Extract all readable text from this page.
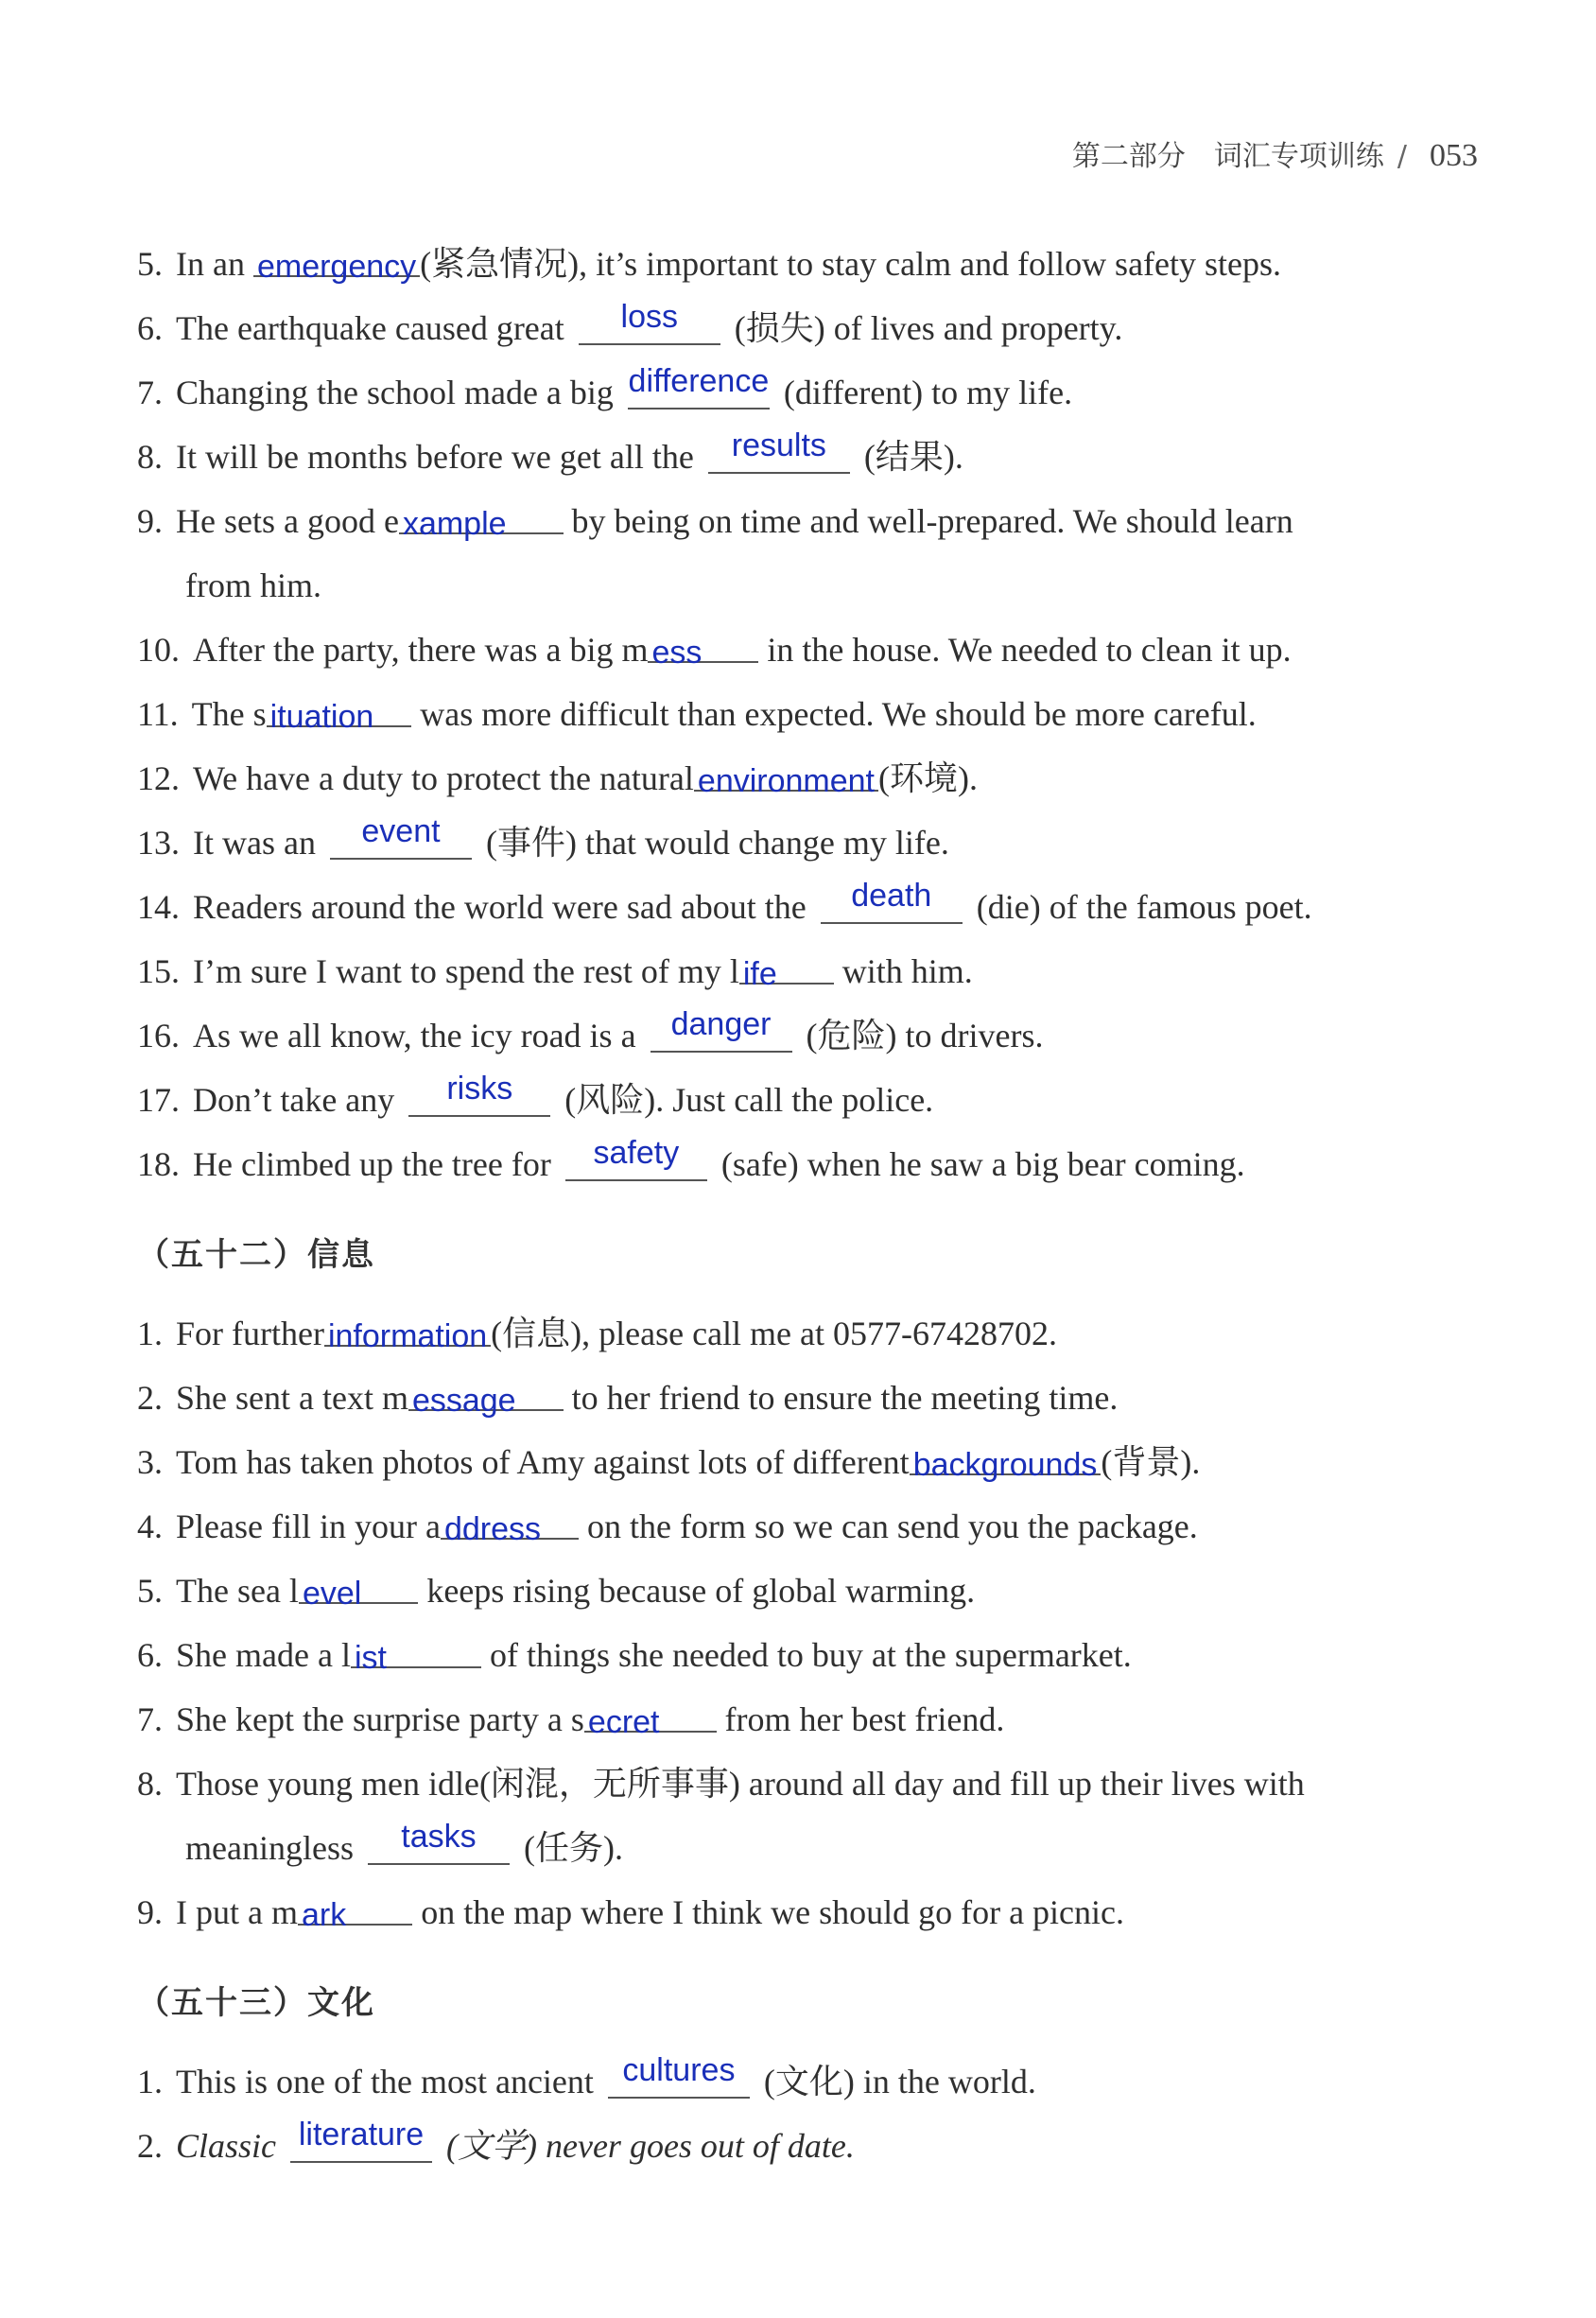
第二部分　词汇专项训练 / 053
5. In an emergency (紧急情况), it’s important to stay calm and follow safety steps.
6. The earthquake caused great	loss	(损失) of lives and property.
7. Changing the school made a big difference (different) to my life.
8. It will be months before we get all the	results	(结果).
9. He sets a good e xample by being on time and well-prepared. We should learn
from him.
10. After the party, there was a big m ess in the house. We needed to clean it up.
11. The s ituation was more difficult than expected. We should be more careful.
12. We have a duty to protect the natural environment (环境).
13. It was an	event	(事件) that would change my life.
14. Readers around the world were sad about the	death	(die) of the famous poet.
15. I’m sure I want to spend the rest of my l ife with him.
16. As we all know, the icy road is a	danger	(危险) to drivers.
17. Don’t take any	risks	(风险). Just call the police.
18. He climbed up the tree for	safety	(safe) when he saw a big bear coming.
（五十二）信息
1. For further information (信息), please call me at 0577-67428702.
2. She sent a text m essage to her friend to ensure the meeting time.
3. Tom has taken photos of Amy against lots of different backgrounds (背景).
4. Please fill in your a ddress on the form so we can send you the package.
5. The sea l evel keeps rising because of global warming.
6. She made a l ist	of things she needed to buy at the supermarket.
7. She kept the surprise party a s ecret from her best friend.
8. Those young men idle(闲混，无所事事) around all day and fill up their lives with
meaningless	tasks	(任务).
9. I put a m ark on the map where I think we should go for a picnic.
（五十三）文化
1. This is one of the most ancient cultures (文化) in the world.
2. Classic literature (文学) never goes out of date.
